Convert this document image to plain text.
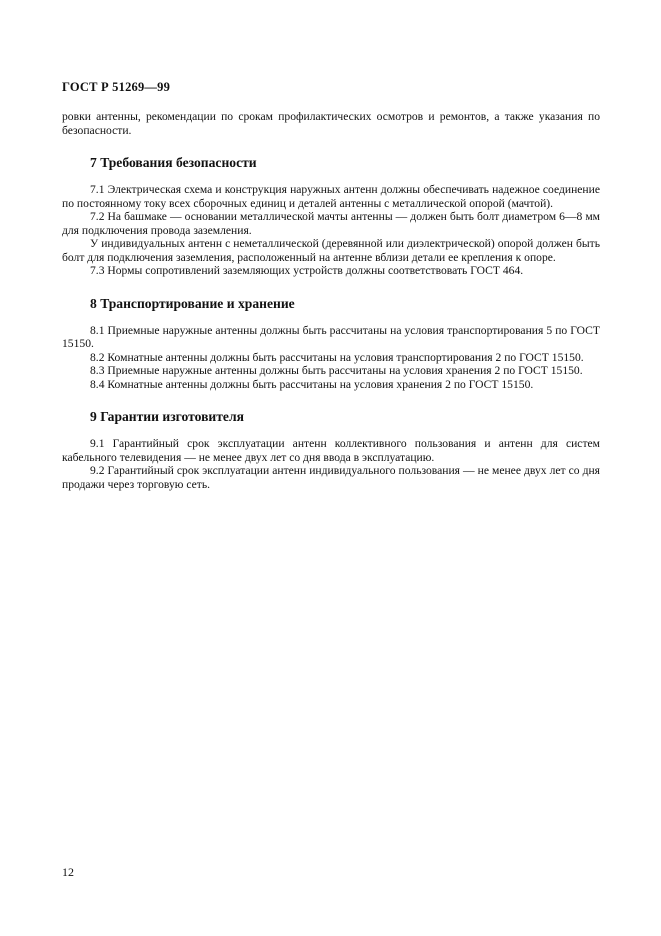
ГОСТ Р 51269—99

ровки антенны, рекомендации по срокам профилактических осмотров и ремонтов, а также указания по безопасности.

7 Требования безопасности

7.1 Электрическая схема и конструкция наружных антенн должны обеспечивать надежное соединение по постоянному току всех сборочных единиц и деталей антенны с металлической опорой (мачтой).

7.2 На башмаке — основании металлической мачты антенны — должен быть болт диаметром 6—8 мм для подключения провода заземления.

У индивидуальных антенн с неметаллической (деревянной или диэлектрической) опорой должен быть болт для подключения заземления, расположенный на антенне вблизи детали ее крепления к опоре.

7.3 Нормы сопротивлений заземляющих устройств должны соответствовать ГОСТ 464.

8 Транспортирование и хранение

8.1 Приемные наружные антенны должны быть рассчитаны на условия транспортирования 5 по ГОСТ 15150.

8.2 Комнатные антенны должны быть рассчитаны на условия транспортирования 2 по ГОСТ 15150.

8.3 Приемные наружные антенны должны быть рассчитаны на условия хранения 2 по ГОСТ 15150.

8.4 Комнатные антенны должны быть рассчитаны на условия хранения 2 по ГОСТ 15150.

9 Гарантии изготовителя

9.1 Гарантийный срок эксплуатации антенн коллективного пользования и антенн для систем кабельного телевидения — не менее двух лет со дня ввода в эксплуатацию.

9.2 Гарантийный срок эксплуатации антенн индивидуального пользования — не менее двух лет со дня продажи через торговую сеть.

12
